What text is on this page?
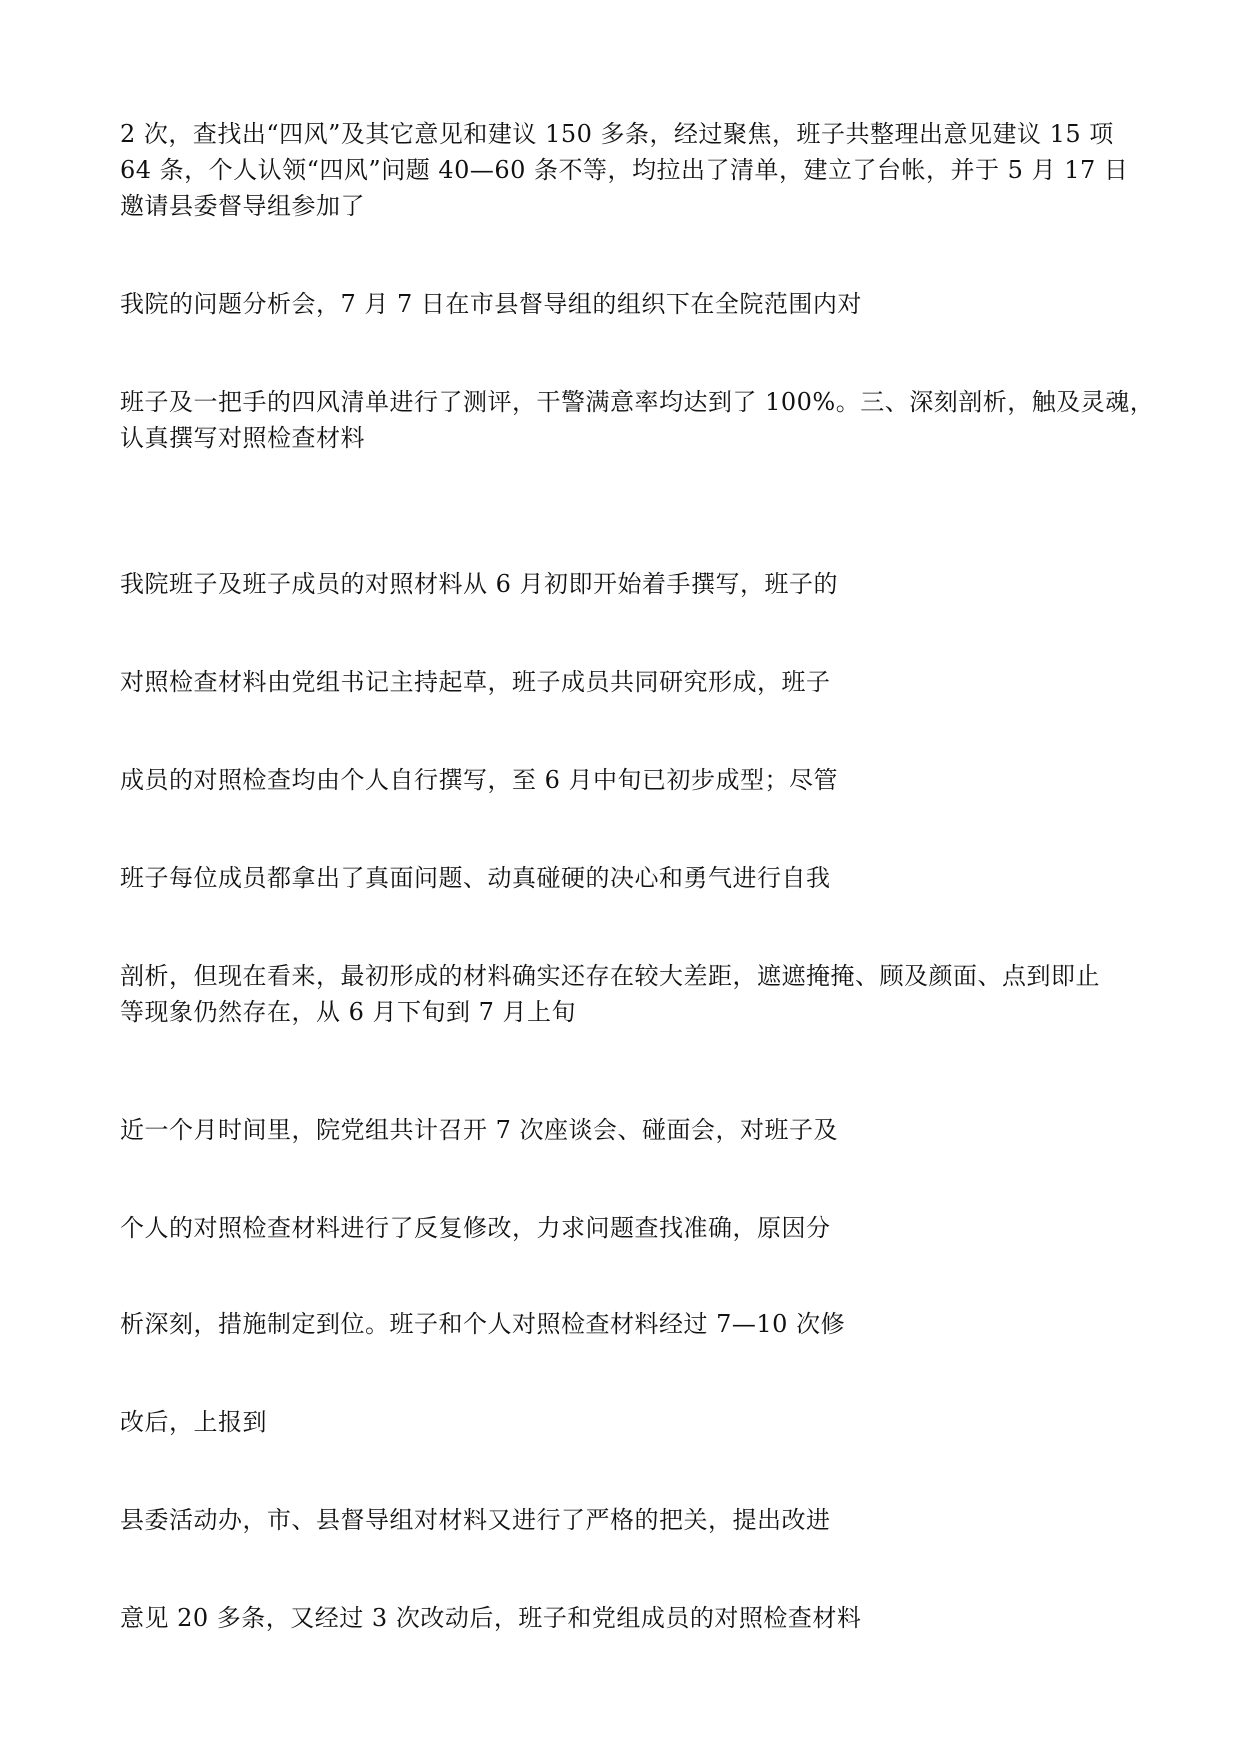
2 次，查找出“四风”及其它意见和建议 150 多条，经过聚焦，班子共整理出意见建议 15 项
64 条，个人认领“四风”问题 40—60 条不等，均拉出了清单，建立了台帐，并于 5 月 17 日
邀请县委督导组参加了

我院的问题分析会，7 月 7 日在市县督导组的组织下在全院范围内对

班子及一把手的四风清单进行了测评，干警满意率均达到了 100%。三、深刻剖析，触及灵魂，
认真撰写对照检查材料

我院班子及班子成员的对照材料从 6 月初即开始着手撰写，班子的

对照检查材料由党组书记主持起草，班子成员共同研究形成，班子

成员的对照检查均由个人自行撰写，至 6 月中旬已初步成型；尽管

班子每位成员都拿出了真面问题、动真碰硬的决心和勇气进行自我

剖析，但现在看来，最初形成的材料确实还存在较大差距，遮遮掩掩、顾及颜面、点到即止
等现象仍然存在，从 6 月下旬到 7 月上旬

近一个月时间里，院党组共计召开 7 次座谈会、碰面会，对班子及

个人的对照检查材料进行了反复修改，力求问题查找准确，原因分

析深刻，措施制定到位。班子和个人对照检查材料经过 7—10 次修

改后，上报到

县委活动办，市、县督导组对材料又进行了严格的把关，提出改进

意见 20 多条，又经过 3 次改动后，班子和党组成员的对照检查材料
